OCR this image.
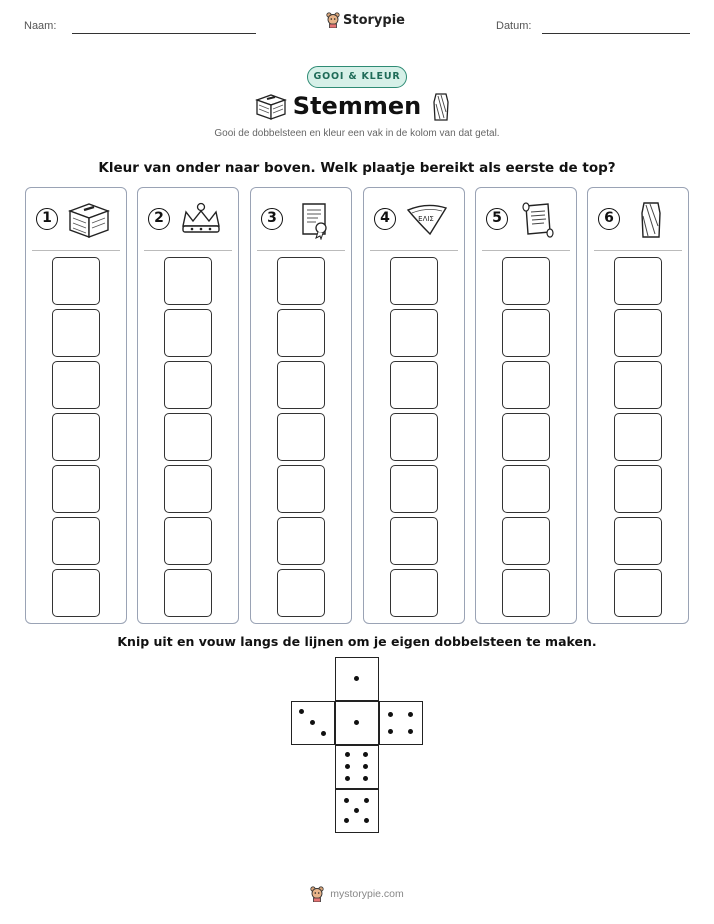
Naam:	Storypie	Datum:
GOOI & KLEUR
Stemmen
Gooi de dobbelsteen en kleur een vak in de kolom van dat getal.
Kleur van onder naar boven. Welk plaatje bereikt als eerste de top?
1	2	3	4	EΛIΣ	5	6
Knip uit en vouw langs de lijnen om je eigen dobbelsteen te maken.
mystorypie.com
